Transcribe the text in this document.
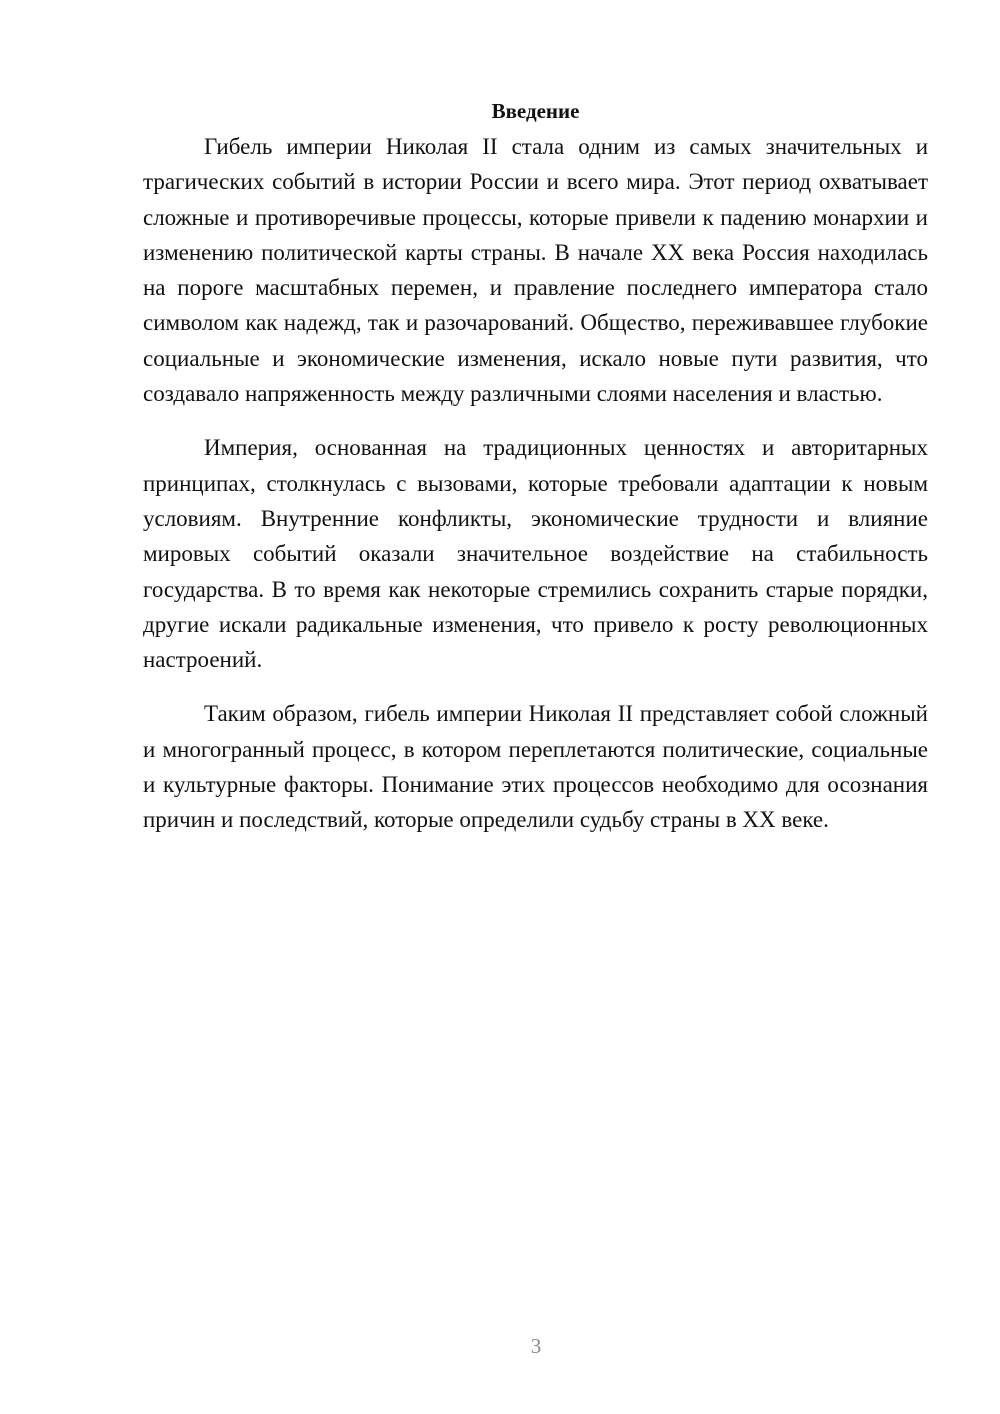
Введение

Гибель империи Николая II стала одним из самых значительных и трагических событий в истории России и всего мира. Этот период охватывает сложные и противоречивые процессы, которые привели к падению монархии и изменению политической карты страны. В начале XX века Россия находилась на пороге масштабных перемен, и правление последнего императора стало символом как надежд, так и разочарований. Общество, переживавшее глубокие социальные и экономические изменения, искало новые пути развития, что создавало напряженность между различными слоями населения и властью.

Империя, основанная на традиционных ценностях и авторитарных принципах, столкнулась с вызовами, которые требовали адаптации к новым условиям. Внутренние конфликты, экономические трудности и влияние мировых событий оказали значительное воздействие на стабильность государства. В то время как некоторые стремились сохранить старые порядки, другие искали радикальные изменения, что привело к росту революционных настроений.

Таким образом, гибель империи Николая II представляет собой сложный и многогранный процесс, в котором переплетаются политические, социальные и культурные факторы. Понимание этих процессов необходимо для осознания причин и последствий, которые определили судьбу страны в XX веке.

3
